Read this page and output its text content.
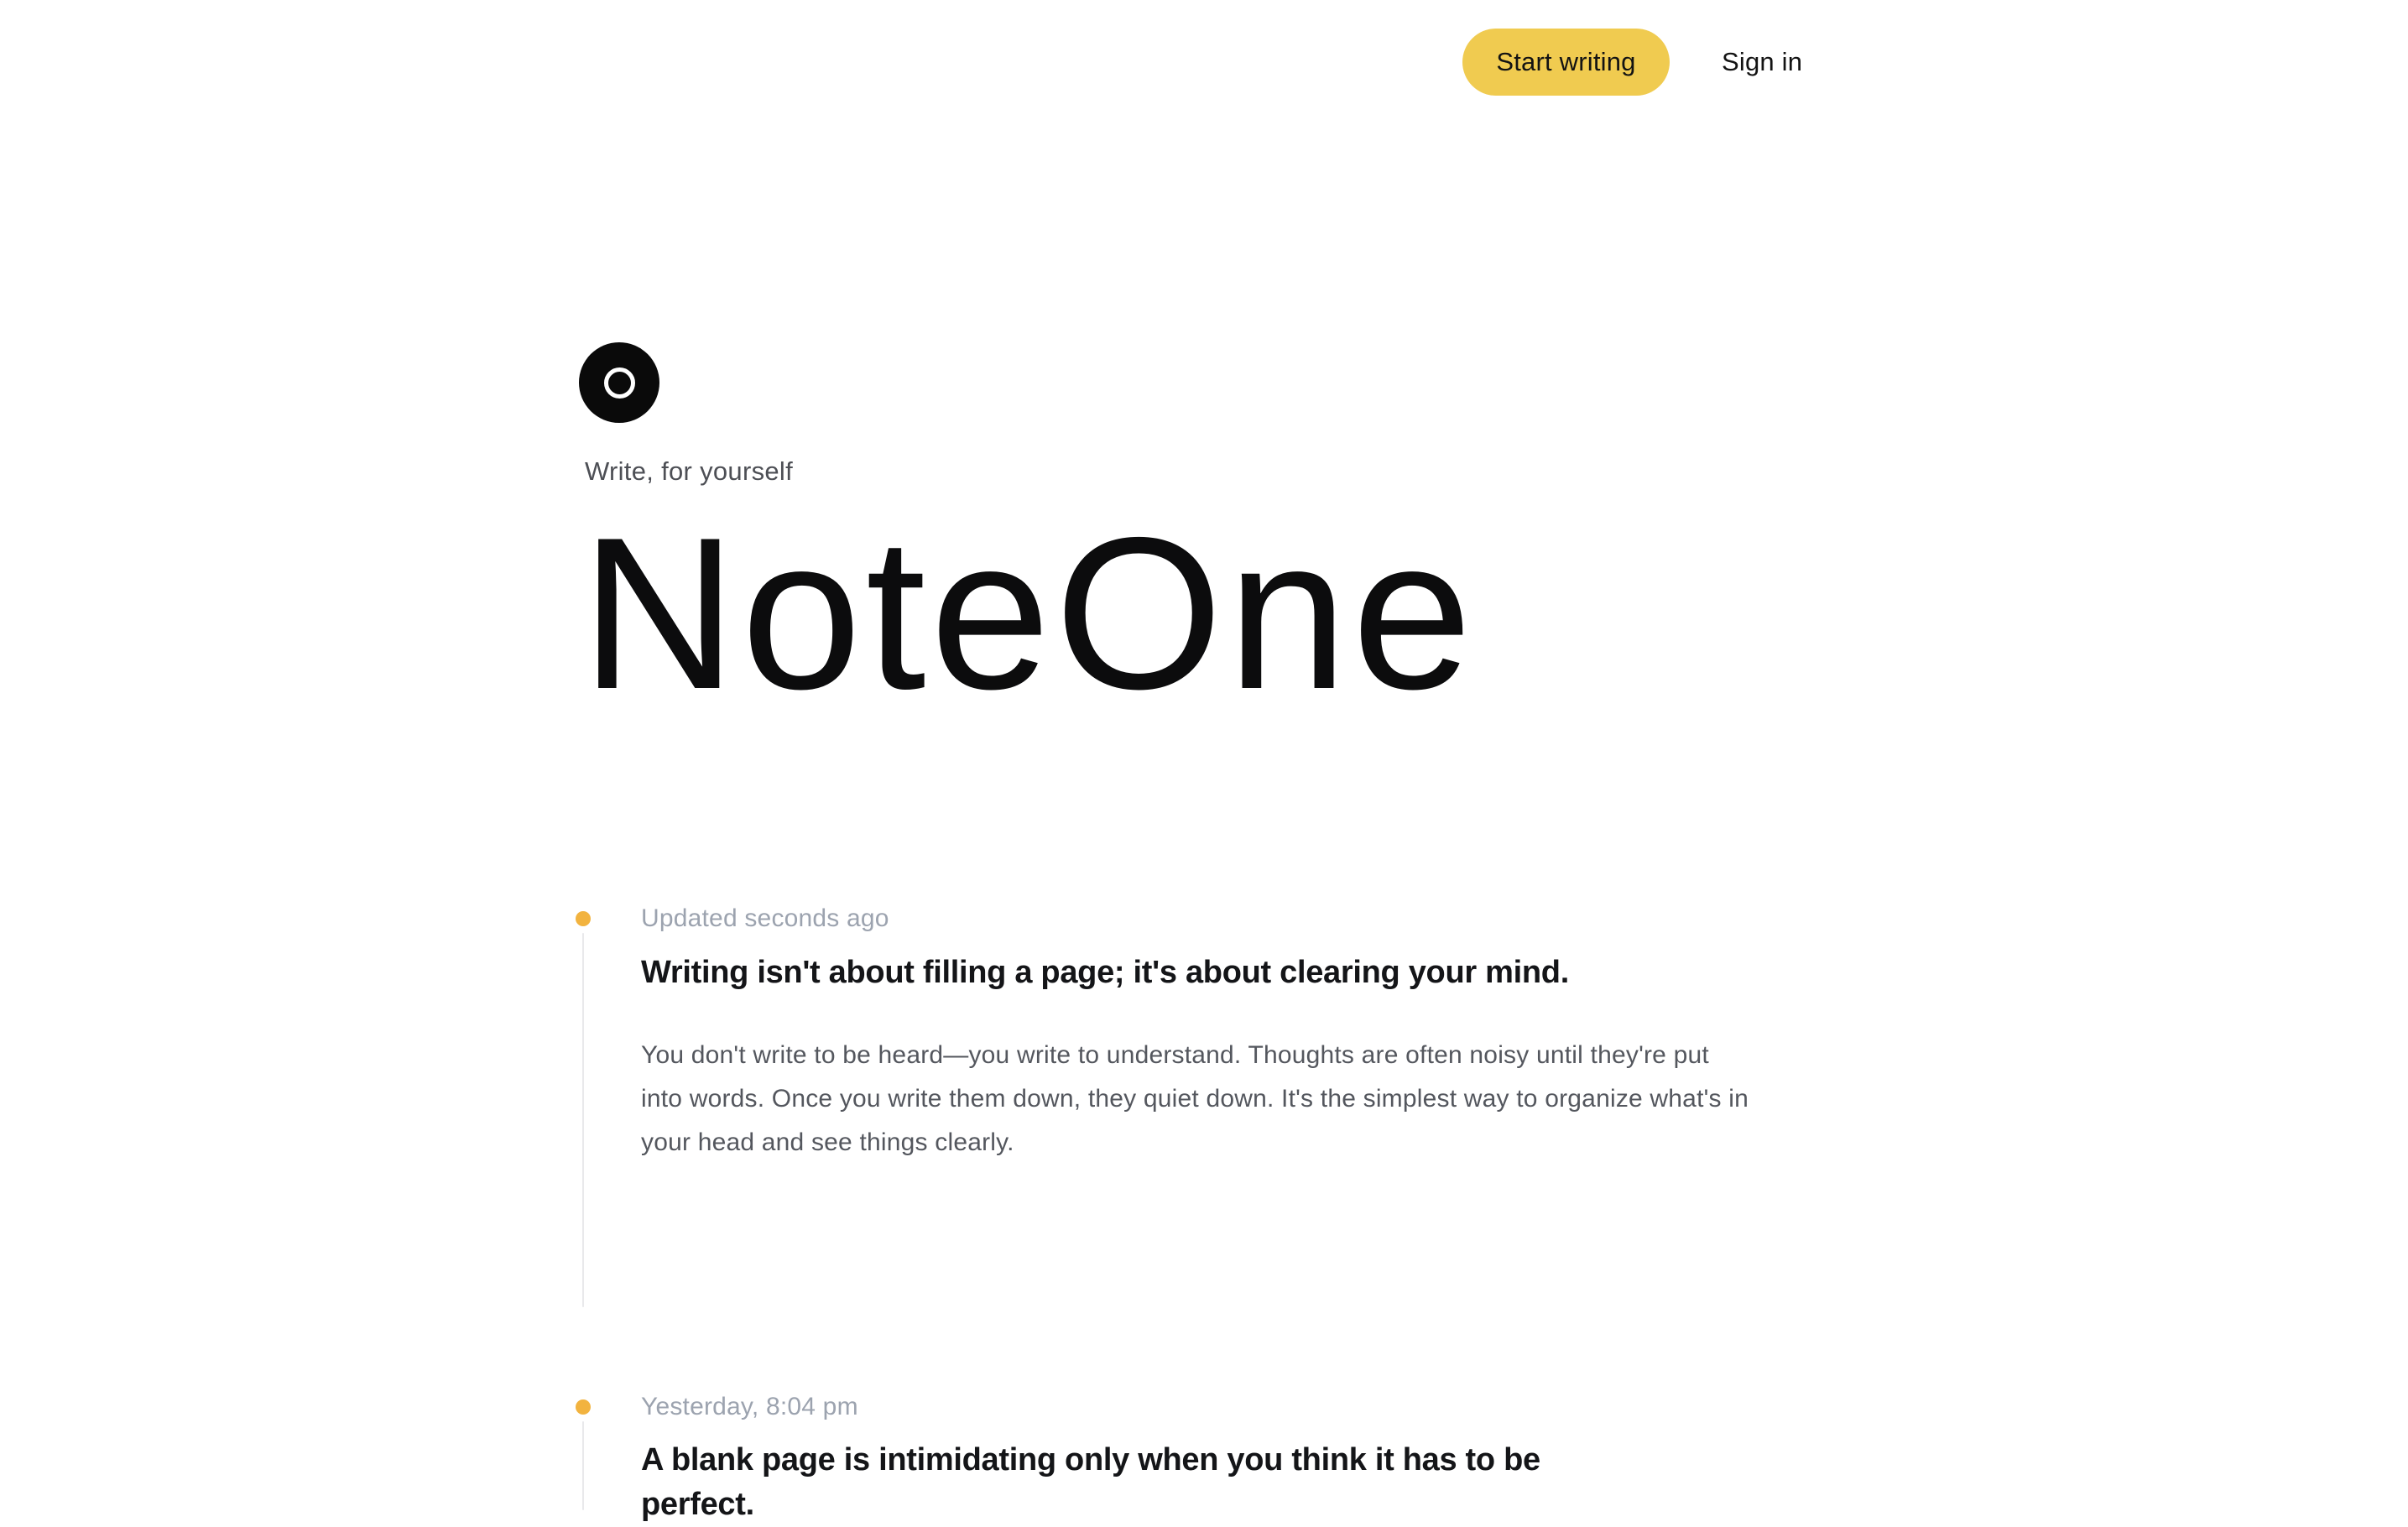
Start writing	Sign in
Write, for yourself
NoteOne
Updated seconds ago
Writing isn't about filling a page; it's about clearing your mind.
You don't write to be heard—you write to understand. Thoughts are often noisy until they're put
into words. Once you write them down, they quiet down. It's the simplest way to organize what's in
your head and see things clearly.
Yesterday, 8:04 pm
A blank page is intimidating only when you think it has to be
perfect.
